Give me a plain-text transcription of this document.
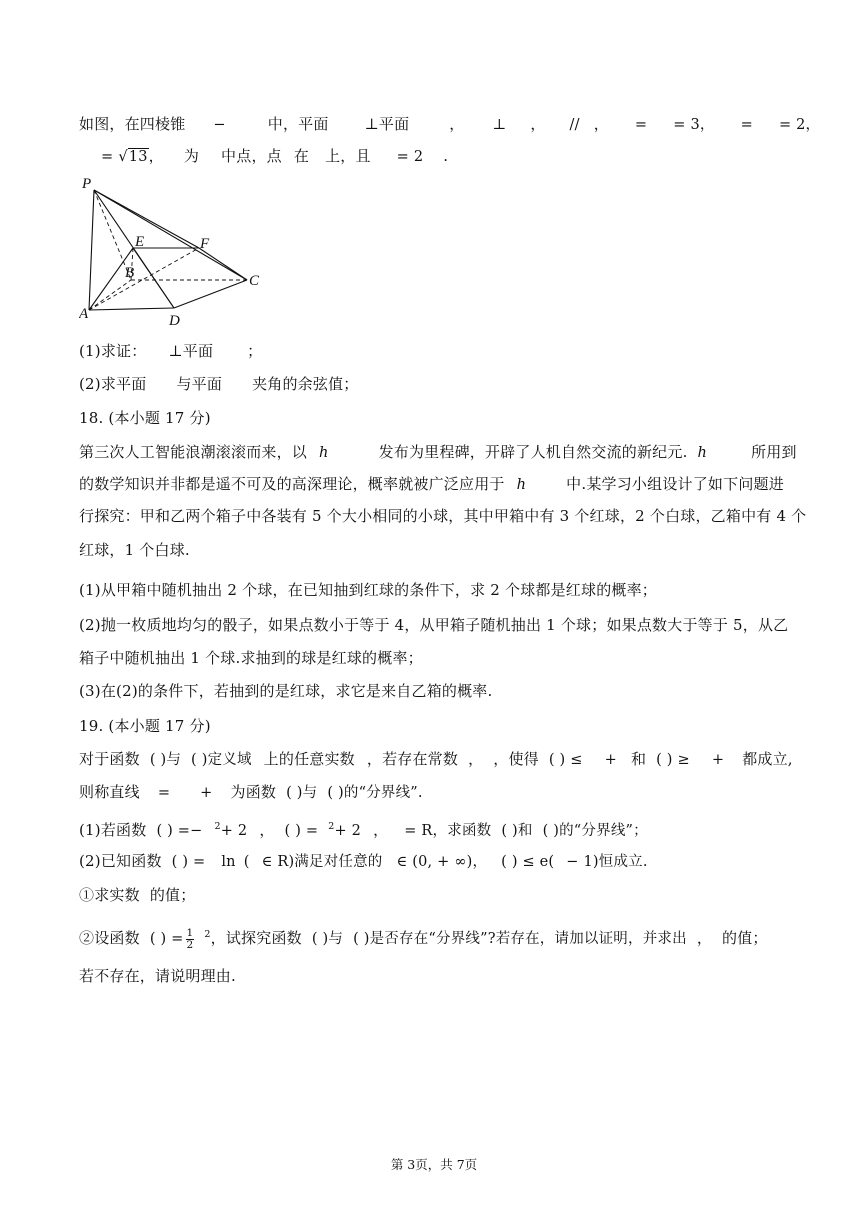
如图，在四棱锥 −	中，平面 ⊥平面	， ⊥ ， // ， = = 3， = = 2，
= √13， 为 中点，点 在 上，且 = 2 .
P
E	F
B	C
A	D
(1)求证： ⊥平面 ；
(2)求平面 与平面 夹角的余弦值；
18. (本小题 17 分)
第三次人工智能浪潮滚滚而来，以 h	发布为里程碑，开辟了人机自然交流的新纪元. h	所用到
的数学知识并非都是遥不可及的高深理论，概率就被广泛应用于 h	中.某学习小组设计了如下问题进
行探究：甲和乙两个箱子中各装有 5 个大小相同的小球，其中甲箱中有 3 个红球，2 个白球，乙箱中有 4 个
红球，1 个白球.
(1)从甲箱中随机抽出 2 个球，在已知抽到红球的条件下，求 2 个球都是红球的概率；
(2)抛一枚质地均匀的骰子，如果点数小于等于 4，从甲箱子随机抽出 1 个球；如果点数大于等于 5，从乙
箱子中随机抽出 1 个球.求抽到的球是红球的概率；
(3)在(2)的条件下，若抽到的是红球，求它是来自乙箱的概率.
19. (本小题 17 分)
对于函数 ( )与 ( )定义域 上的任意实数 ，若存在常数 ， ，使得 ( ) ≤ + 和 ( ) ≥ + 都成立,
则称直线 = + 为函数 ( )与 ( )的“分界线”.
(1)若函数 ( ) =− $^2$+ 2 ， ( ) = $^2$+ 2 ， = R，求函数 ( )和 ( )的“分界线”；
(2)已知函数 ( ) = ln ( ∈ R)满足对任意的 ∈ (0, + ∞)， ( ) ≤ e( − 1)恒成立.
①求实数 的值；
②设函数 ( ) = $\frac{1}{2} ^2$，试探究函数 ( )与 ( )是否存在“分界线”?若存在，请加以证明，并求出 ， 的值；
若不存在，请说明理由.
第 3页，共 7页
